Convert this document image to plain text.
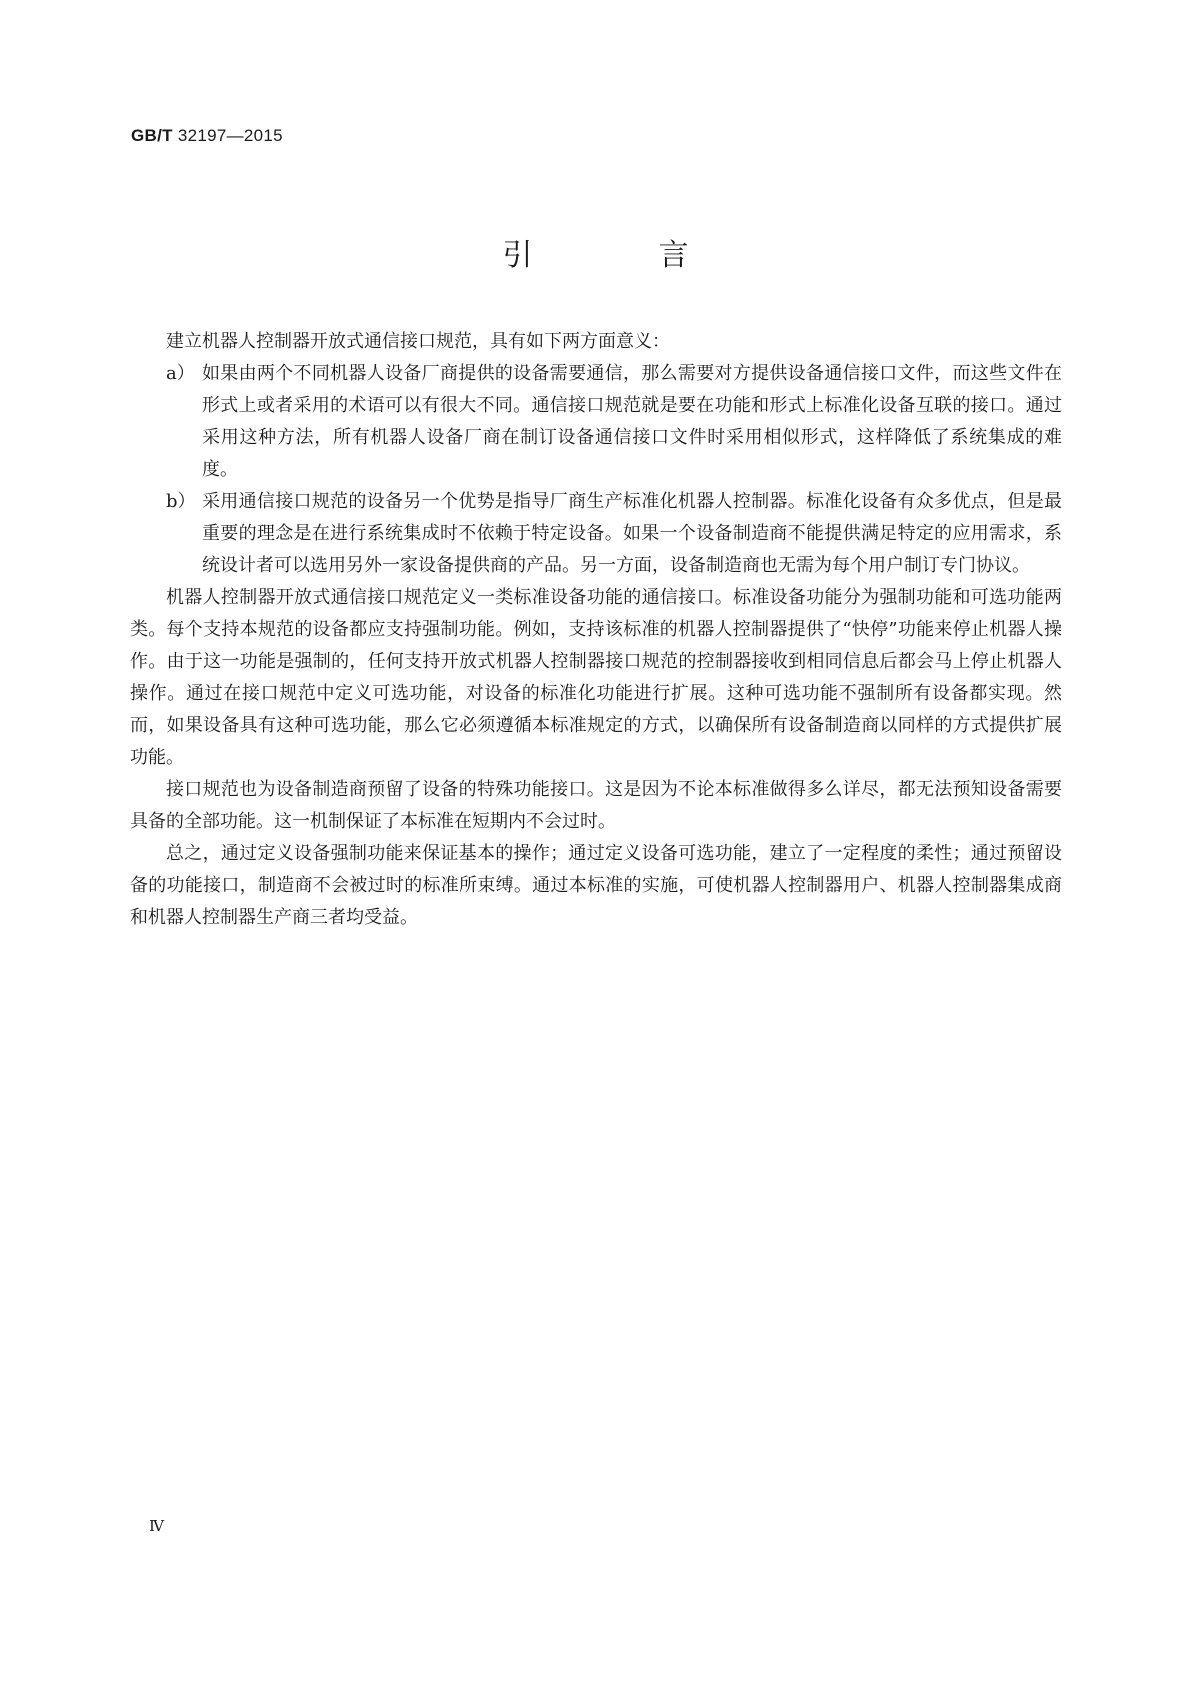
GB/T 32197—2015
引　言

建立机器人控制器开放式通信接口规范，具有如下两方面意义：

a） 如果由两个不同机器人设备厂商提供的设备需要通信，那么需要对方提供设备通信接口文件，而这些文件在形式上或者采用的术语可以有很大不同。通信接口规范就是要在功能和形式上标准化设备互联的接口。通过采用这种方法，所有机器人设备厂商在制订设备通信接口文件时采用相似形式，这样降低了系统集成的难度。

b） 采用通信接口规范的设备另一个优势是指导厂商生产标准化机器人控制器。标准化设备有众多优点，但是最重要的理念是在进行系统集成时不依赖于特定设备。如果一个设备制造商不能提供满足特定的应用需求，系统设计者可以选用另外一家设备提供商的产品。另一方面，设备制造商也无需为每个用户制订专门协议。

机器人控制器开放式通信接口规范定义一类标准设备功能的通信接口。标准设备功能分为强制功能和可选功能两类。每个支持本规范的设备都应支持强制功能。例如，支持该标准的机器人控制器提供了“快停”功能来停止机器人操作。由于这一功能是强制的，任何支持开放式机器人控制器接口规范的控制器接收到相同信息后都会马上停止机器人操作。通过在接口规范中定义可选功能，对设备的标准化功能进行扩展。这种可选功能不强制所有设备都实现。然而，如果设备具有这种可选功能，那么它必须遵循本标准规定的方式，以确保所有设备制造商以同样的方式提供扩展功能。

接口规范也为设备制造商预留了设备的特殊功能接口。这是因为不论本标准做得多么详尽，都无法预知设备需要具备的全部功能。这一机制保证了本标准在短期内不会过时。

总之，通过定义设备强制功能来保证基本的操作；通过定义设备可选功能，建立了一定程度的柔性；通过预留设备的功能接口，制造商不会被过时的标准所束缚。通过本标准的实施，可使机器人控制器用户、机器人控制器集成商和机器人控制器生产商三者均受益。

Ⅳ
